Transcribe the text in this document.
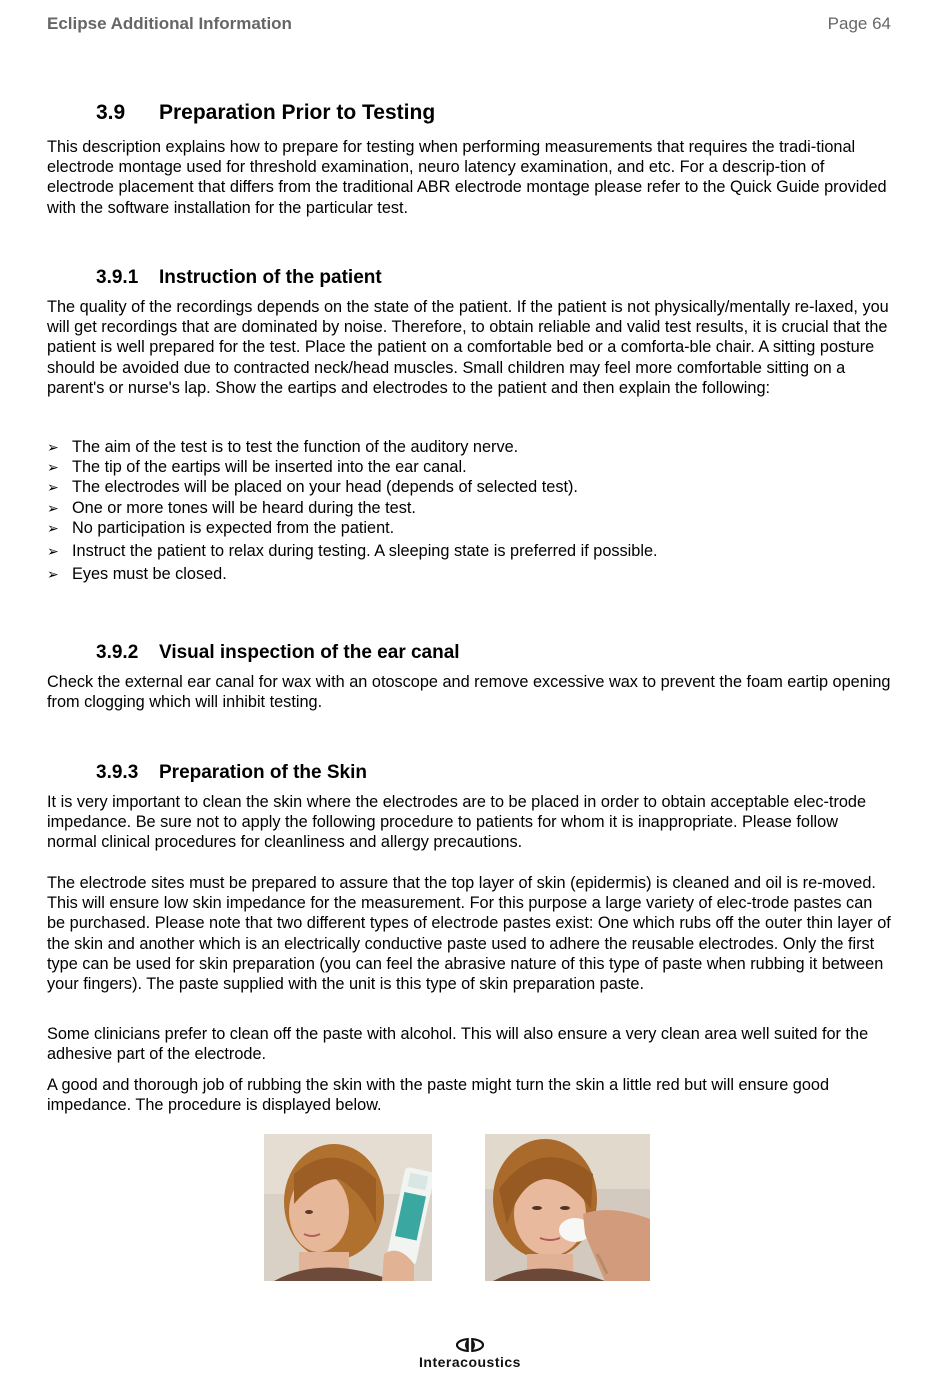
Eclipse Additional Information	Page 64
3.9 Preparation Prior to Testing

This description explains how to prepare for testing when performing measurements that requires the tradi-tional electrode montage used for threshold examination, neuro latency examination, and etc. For a descrip-tion of electrode placement that differs from the traditional ABR electrode montage please refer to the Quick Guide provided with the software installation for the particular test.

3.9.1 Instruction of the patient

The quality of the recordings depends on the state of the patient. If the patient is not physically/mentally re-laxed, you will get recordings that are dominated by noise. Therefore, to obtain reliable and valid test results, it is crucial that the patient is well prepared for the test. Place the patient on a comfortable bed or a comforta-ble chair. A sitting posture should be avoided due to contracted neck/head muscles. Small children may feel more comfortable sitting on a parent's or nurse's lap. Show the eartips and electrodes to the patient and then explain the following:

➢ The aim of the test is to test the function of the auditory nerve.
➢ The tip of the eartips will be inserted into the ear canal.
➢ The electrodes will be placed on your head (depends of selected test).
➢ One or more tones will be heard during the test.
➢ No participation is expected from the patient.
➢ Instruct the patient to relax during testing. A sleeping state is preferred if possible.
➢ Eyes must be closed.
3.9.2 Visual inspection of the ear canal

Check the external ear canal for wax with an otoscope and remove excessive wax to prevent the foam eartip opening from clogging which will inhibit testing.

3.9.3 Preparation of the Skin

It is very important to clean the skin where the electrodes are to be placed in order to obtain acceptable elec-trode impedance. Be sure not to apply the following procedure to patients for whom it is inappropriate. Please follow normal clinical procedures for cleanliness and allergy precautions.

The electrode sites must be prepared to assure that the top layer of skin (epidermis) is cleaned and oil is re-moved. This will ensure low skin impedance for the measurement. For this purpose a large variety of elec-trode pastes can be purchased. Please note that two different types of electrode pastes exist: One which rubs off the outer thin layer of the skin and another which is an electrically conductive paste used to adhere the reusable electrodes. Only the first type can be used for skin preparation (you can feel the abrasive nature of this type of paste when rubbing it between your fingers). The paste supplied with the unit is this type of skin preparation paste.

Some clinicians prefer to clean off the paste with alcohol. This will also ensure a very clean area well suited for the adhesive part of the electrode.

A good and thorough job of rubbing the skin with the paste might turn the skin a little red but will ensure good impedance. The procedure is displayed below.

Interacoustics
